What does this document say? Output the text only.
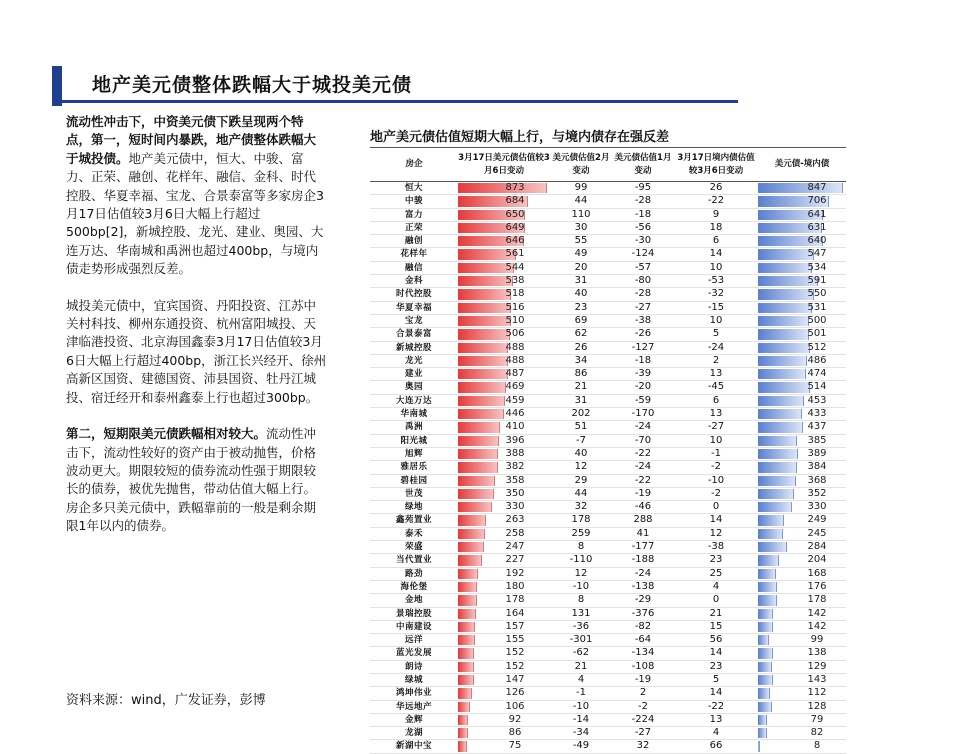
地产美元债整体跌幅大于城投美元债

流动性冲击下，中资美元债下跌呈现两个特点，第一，短时间内暴跌，地产债整体跌幅大于城投债。地产美元债中，恒大、中骏、富力、正荣、融创、花样年、融信、金科、时代控股、华夏幸福、宝龙、合景泰富等多家房企3月17日估值较3月6日大幅上行超过500bp[2]，新城控股、龙光、建业、奥园、大连万达、华南城和禹洲也超过400bp，与境内债走势形成强烈反差。

城投美元债中，宜宾国资、丹阳投资、江苏中关村科技、柳州东通投资、杭州富阳城投、天津临港投资、北京海国鑫泰3月17日估值较3月6日大幅上行超过400bp，浙江长兴经开、徐州高新区国资、建德国资、沛县国资、牡丹江城投、宿迁经开和泰州鑫泰上行也超过300bp。

第二，短期限美元债跌幅相对较大。流动性冲击下，流动性较好的资产由于被动抛售，价格波动更大。期限较短的债券流动性强于期限较长的债券，被优先抛售，带动估值大幅上行。房企多只美元债中，跌幅靠前的一般是剩余期限1年以内的债券。

资料来源：wind，广发证券，彭博
地产美元债估值短期大幅上行，与境内债存在强反差
房企	3月17日美元债估值较3月6日变动	美元债估值2月变动	美元债估值1月变动	3月17日境内债估值较3月6日变动	美元债-境内债
恒大	873	99	-95	26	847
中骏	684	44	-28	-22	706
富力	650	110	-18	9	641
正荣	649	30	-56	18	631
融创	646	55	-30	6	640
花样年	561	49	-124	14	547
融信	544	20	-57	10	534
金科	538	31	-80	-53	591
时代控股	518	40	-28	-32	550
华夏幸福	516	23	-27	-15	531
宝龙	510	69	-38	10	500
合景泰富	506	62	-26	5	501
新城控股	488	26	-127	-24	512
龙光	488	34	-18	2	486
建业	487	86	-39	13	474
奥园	469	21	-20	-45	514
大连万达	459	31	-59	6	453
华南城	446	202	-170	13	433
禹洲	410	51	-24	-27	437
阳光城	396	-7	-70	10	385
旭辉	388	40	-22	-1	389
雅居乐	382	12	-24	-2	384
碧桂园	358	29	-22	-10	368
世茂	350	44	-19	-2	352
绿地	330	32	-46	0	330
鑫苑置业	263	178	288	14	249
泰禾	258	259	41	12	245
荣盛	247	8	-177	-38	284
当代置业	227	-110	-188	23	204
路劲	192	12	-24	25	168
海伦堡	180	-10	-138	4	176
金地	178	8	-29	0	178
景瑞控股	164	131	-376	21	142
中南建设	157	-36	-82	15	142
远洋	155	-301	-64	56	99
蓝光发展	152	-62	-134	14	138
朗诗	152	21	-108	23	129
绿城	147	4	-19	5	143
鸿坤伟业	126	-1	2	14	112
华远地产	106	-10	-2	-22	128
金辉	92	-14	-224	13	79
龙湖	86	-34	-27	4	82
新湖中宝	75	-49	32	66	8
